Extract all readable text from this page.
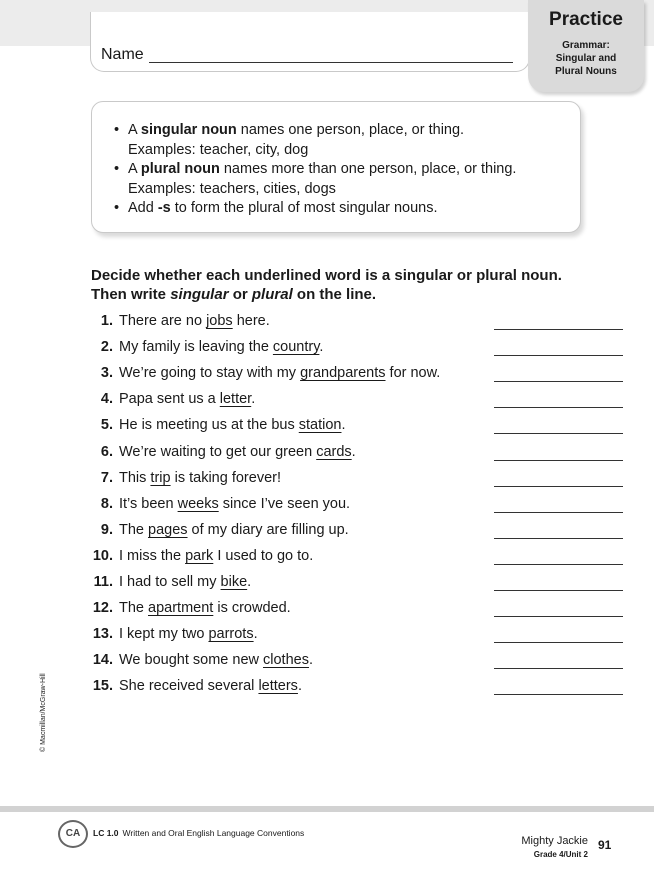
Name
Practice
Grammar:
Singular and
Plural Nouns
• A singular noun names one person, place, or thing.
Examples: teacher, city, dog
• A plural noun names more than one person, place, or thing.
Examples: teachers, cities, dogs
• Add -s to form the plural of most singular nouns.
Decide whether each underlined word is a singular or plural noun. Then write singular or plural on the line.
1. There are no jobs here.
2. My family is leaving the country.
3. We’re going to stay with my grandparents for now.
4. Papa sent us a letter.
5. He is meeting us at the bus station.
6. We’re waiting to get our green cards.
7. This trip is taking forever!
8. It’s been weeks since I’ve seen you.
9. The pages of my diary are filling up.
10. I miss the park I used to go to.
11. I had to sell my bike.
12. The apartment is crowded.
13. I kept my two parrots.
14. We bought some new clothes.
15. She received several letters.
© Macmillan/McGraw-Hill
CA	LC 1.0 Written and Oral English Language Conventions
Mighty Jackie
Grade 4/Unit 2
91
